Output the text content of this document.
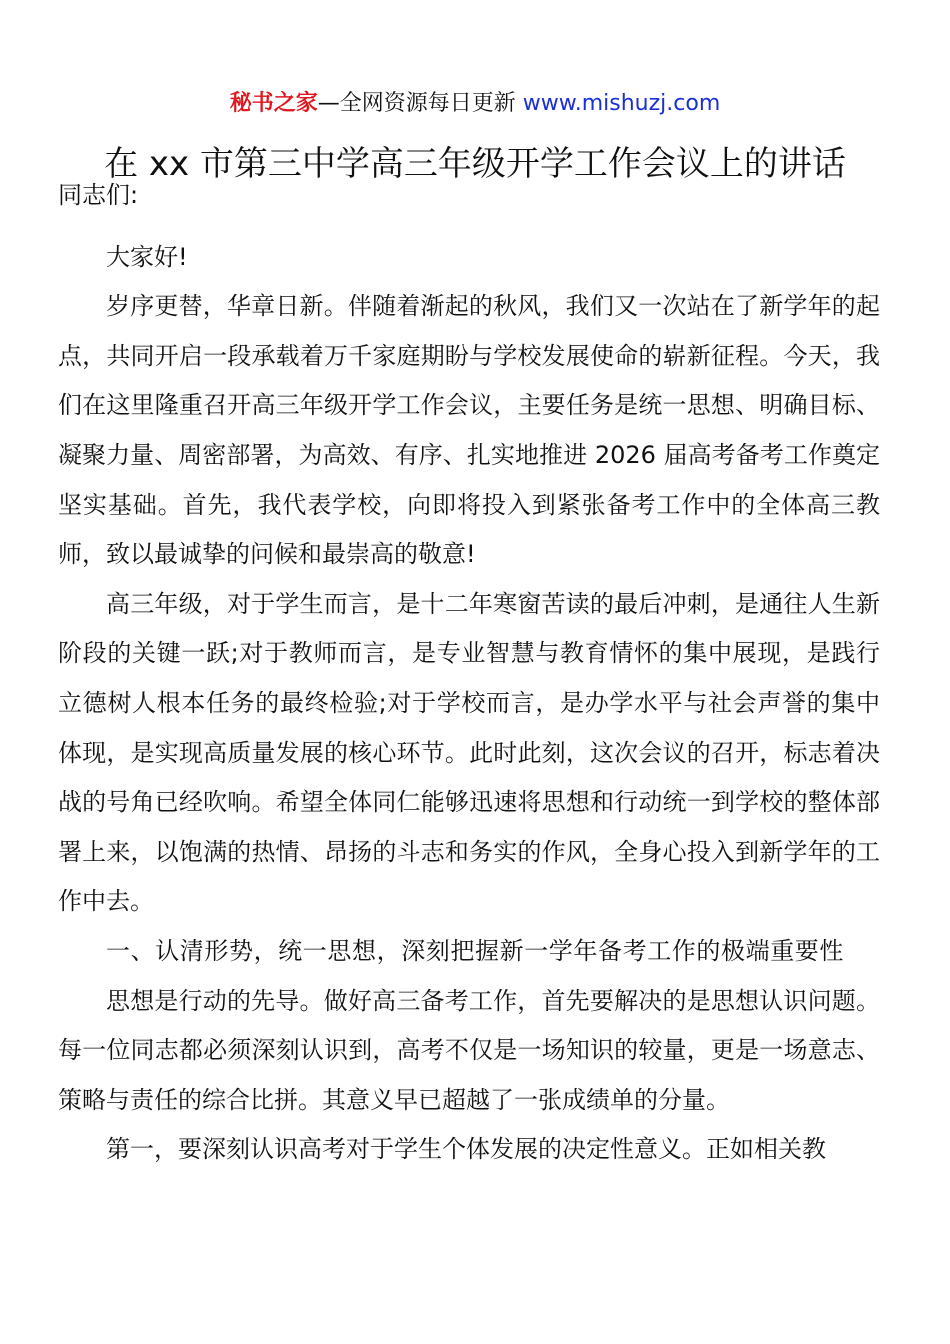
秘书之家—全网资源每日更新 www.mishuzj.com
在 xx 市第三中学高三年级开学工作会议上的讲话

同志们:

大家好!

岁序更替，华章日新。伴随着渐起的秋风，我们又一次站在了新学年的起点，共同开启一段承载着万千家庭期盼与学校发展使命的崭新征程。今天，我们在这里隆重召开高三年级开学工作会议，主要任务是统一思想、明确目标、凝聚力量、周密部署，为高效、有序、扎实地推进 2026 届高考备考工作奠定坚实基础。首先，我代表学校，向即将投入到紧张备考工作中的全体高三教师，致以最诚挚的问候和最崇高的敬意!

高三年级，对于学生而言，是十二年寒窗苦读的最后冲刺，是通往人生新阶段的关键一跃;对于教师而言，是专业智慧与教育情怀的集中展现，是践行立德树人根本任务的最终检验;对于学校而言，是办学水平与社会声誉的集中体现，是实现高质量发展的核心环节。此时此刻，这次会议的召开，标志着决战的号角已经吹响。希望全体同仁能够迅速将思想和行动统一到学校的整体部署上来，以饱满的热情、昂扬的斗志和务实的作风，全身心投入到新学年的工作中去。

一、认清形势，统一思想，深刻把握新一学年备考工作的极端重要性

思想是行动的先导。做好高三备考工作，首先要解决的是思想认识问题。每一位同志都必须深刻认识到，高考不仅是一场知识的较量，更是一场意志、策略与责任的综合比拼。其意义早已超越了一张成绩单的分量。

第一，要深刻认识高考对于学生个体发展的决定性意义。正如相关教
